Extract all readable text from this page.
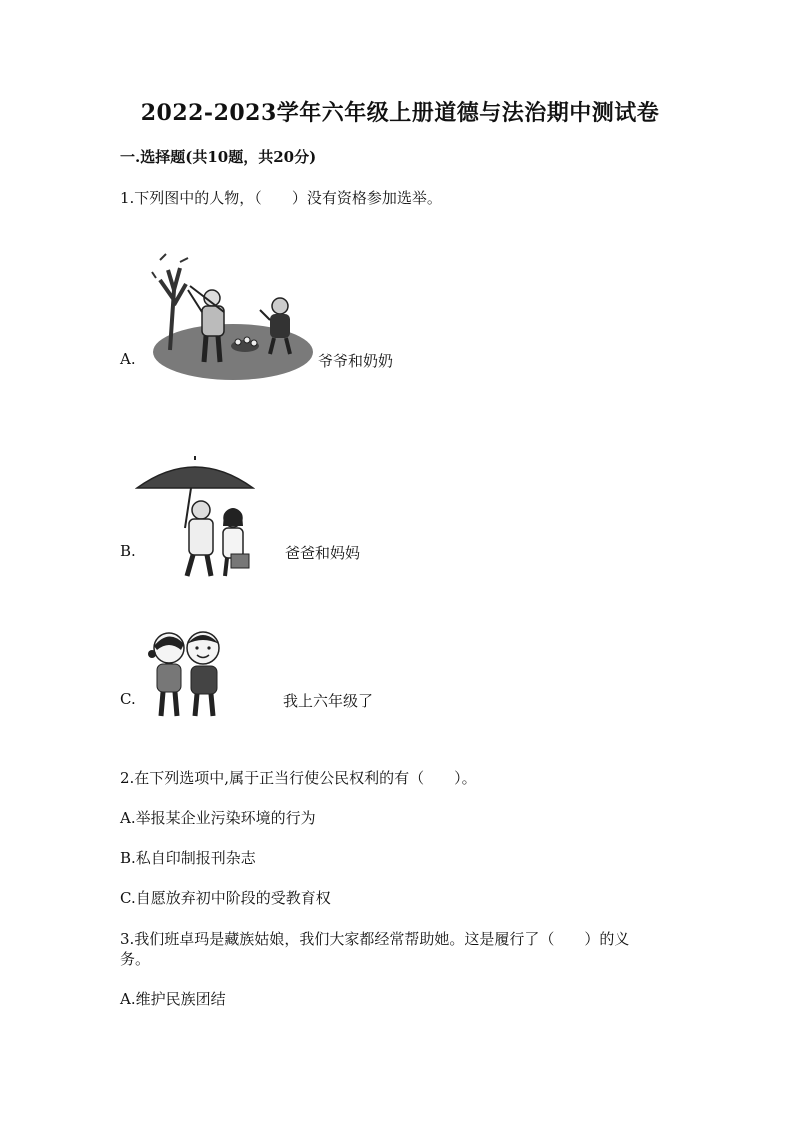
2022-2023学年六年级上册道德与法治期中测试卷
一.选择题(共10题，共20分)
1.下列图中的人物，（　　）没有资格参加选举。
A.	爷爷和奶奶
B.	爸爸和妈妈
C.	我上六年级了
2.在下列选项中,属于正当行使公民权利的有（　　）。
A.举报某企业污染环境的行为
B.私自印制报刊杂志
C.自愿放弃初中阶段的受教育权
3.我们班卓玛是藏族姑娘，我们大家都经常帮助她。这是履行了（　　）的义
务。
A.维护民族团结
